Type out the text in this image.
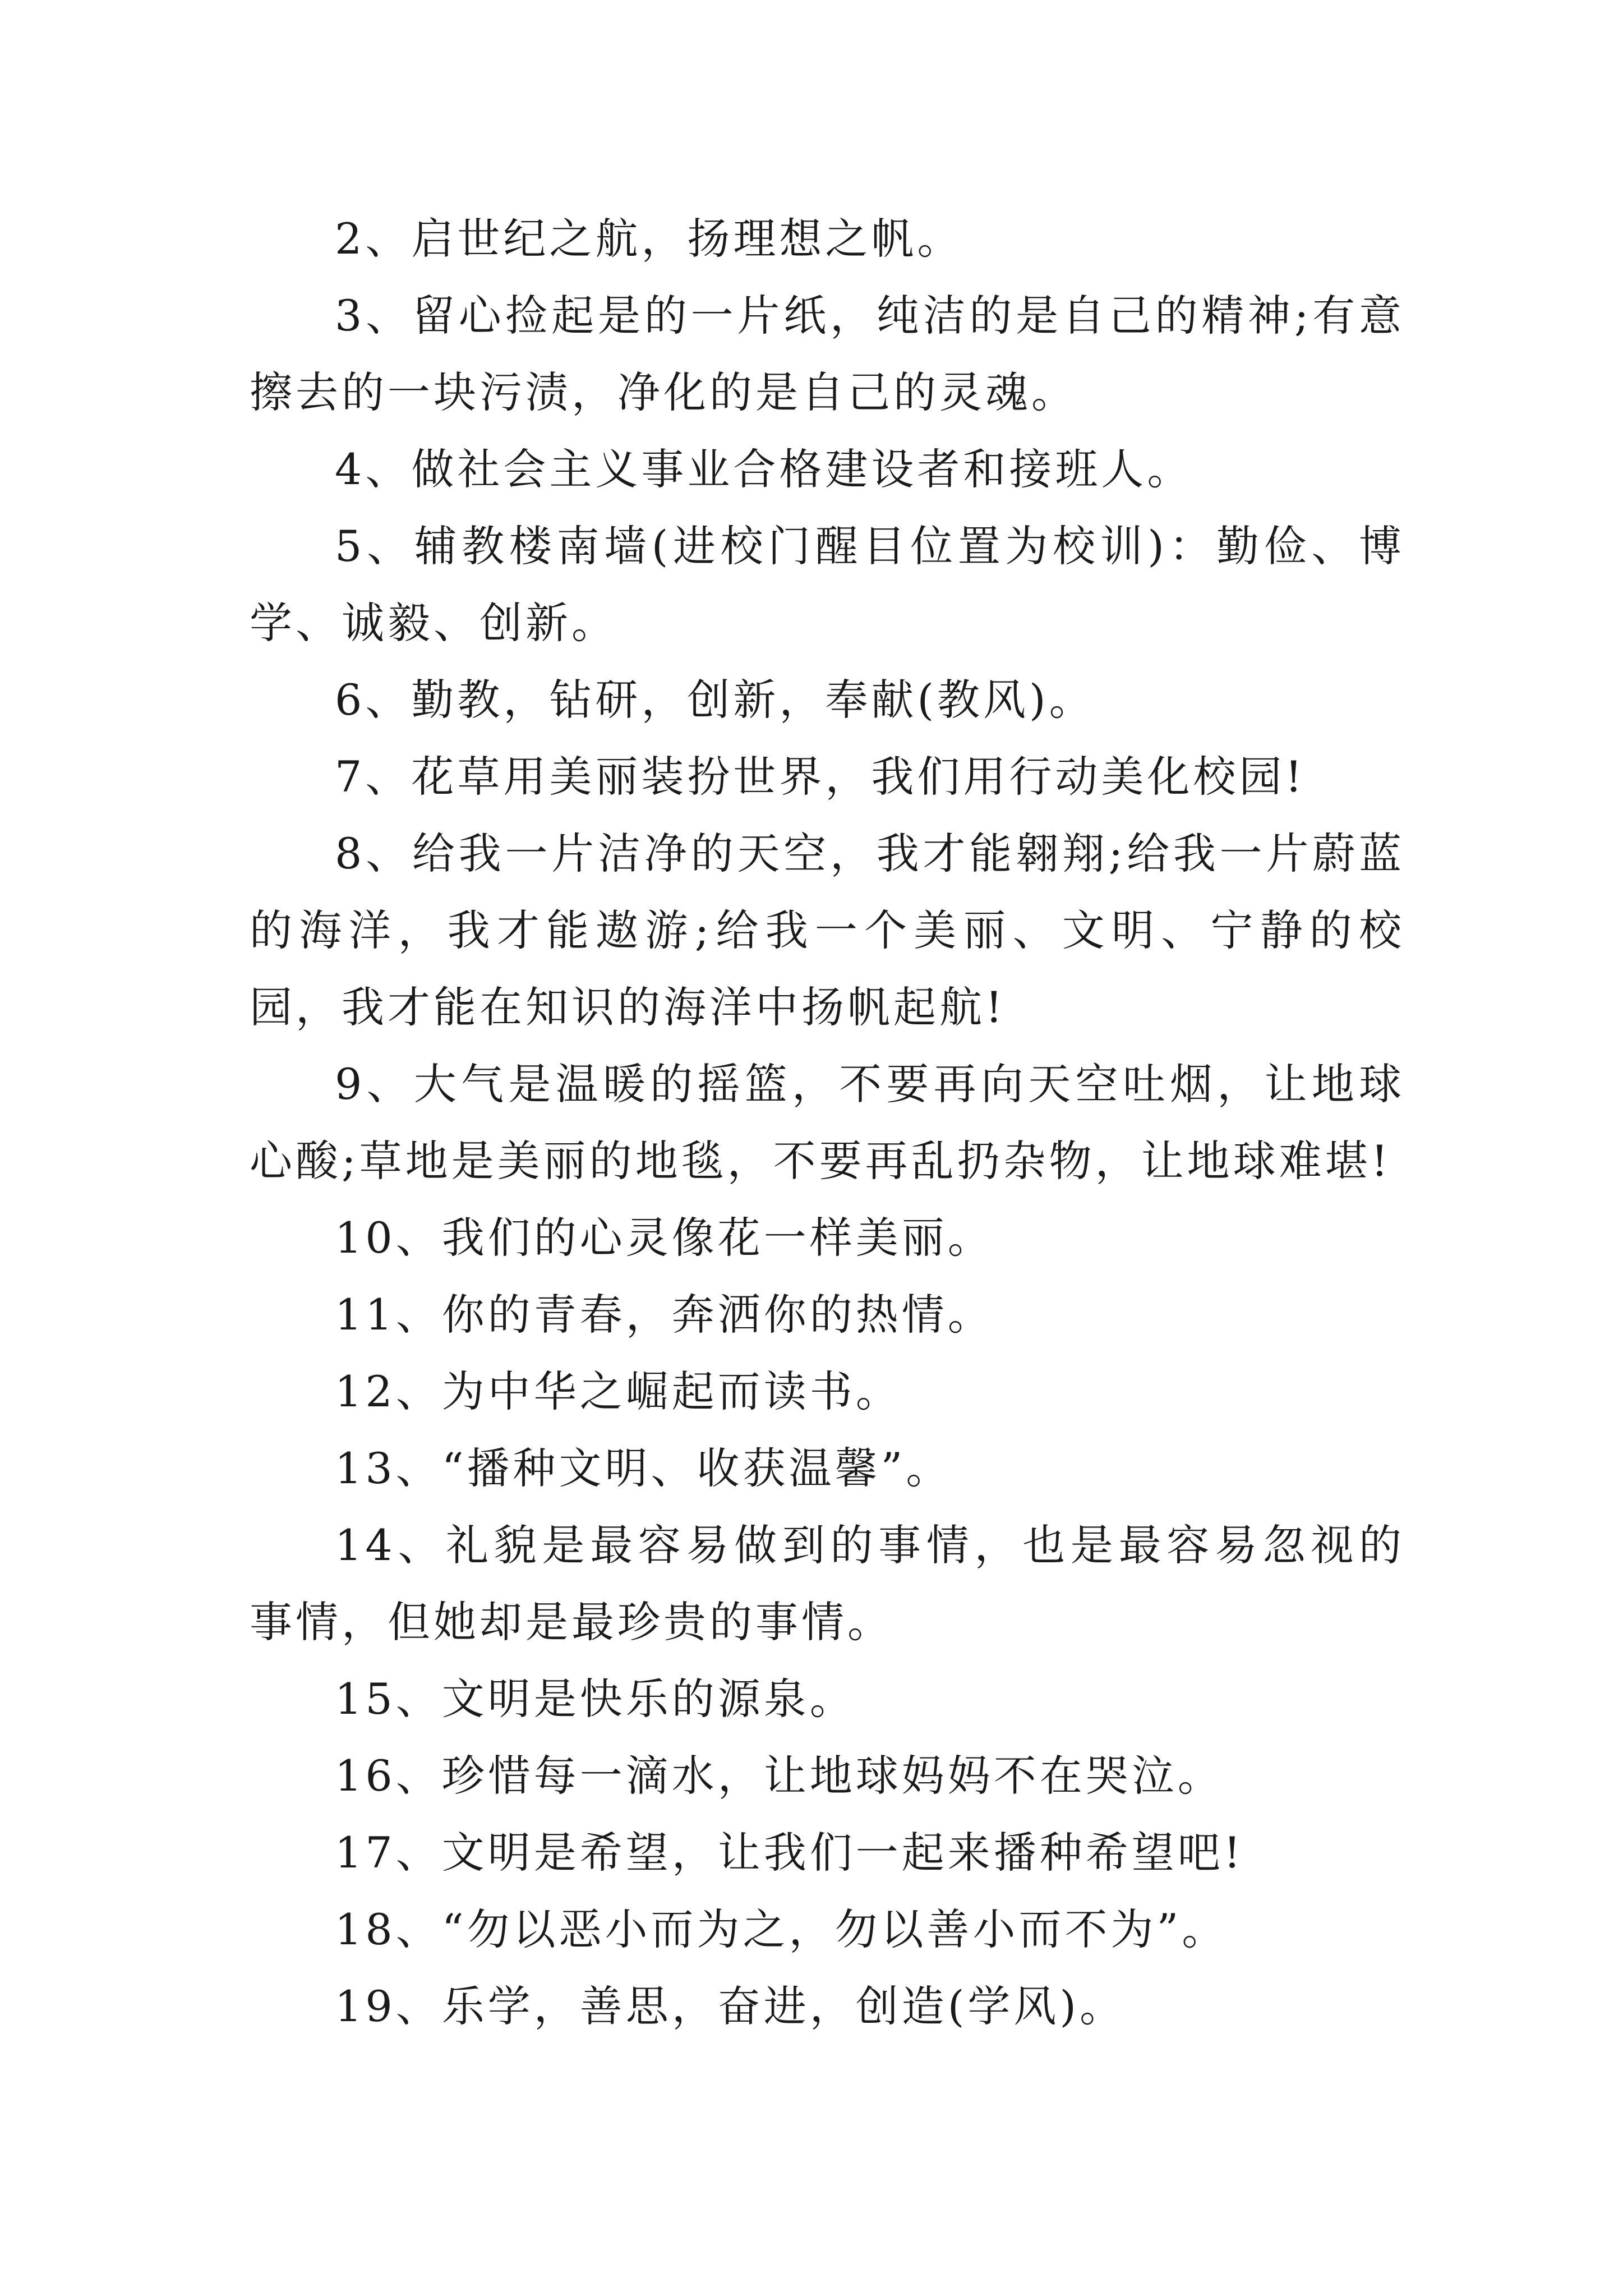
2、启世纪之航，扬理想之帆。

3、留心捡起是的一片纸，纯洁的是自己的精神;有意擦去的一块污渍，净化的是自己的灵魂。

4、做社会主义事业合格建设者和接班人。

5、辅教楼南墙(进校门醒目位置为校训)：勤俭、博学、诚毅、创新。

6、勤教，钻研，创新，奉献(教风)。

7、花草用美丽装扮世界，我们用行动美化校园!

8、给我一片洁净的天空，我才能翱翔;给我一片蔚蓝的海洋，我才能遨游;给我一个美丽、文明、宁静的校园，我才能在知识的海洋中扬帆起航!

9、大气是温暖的摇篮，不要再向天空吐烟，让地球心酸;草地是美丽的地毯，不要再乱扔杂物，让地球难堪!

10、我们的心灵像花一样美丽。

11、你的青春，奔洒你的热情。

12、为中华之崛起而读书。

13、“播种文明、收获温馨”。

14、礼貌是最容易做到的事情，也是最容易忽视的事情，但她却是最珍贵的事情。

15、文明是快乐的源泉。

16、珍惜每一滴水，让地球妈妈不在哭泣。

17、文明是希望，让我们一起来播种希望吧!

18、“勿以恶小而为之，勿以善小而不为”。

19、乐学，善思，奋进，创造(学风)。
